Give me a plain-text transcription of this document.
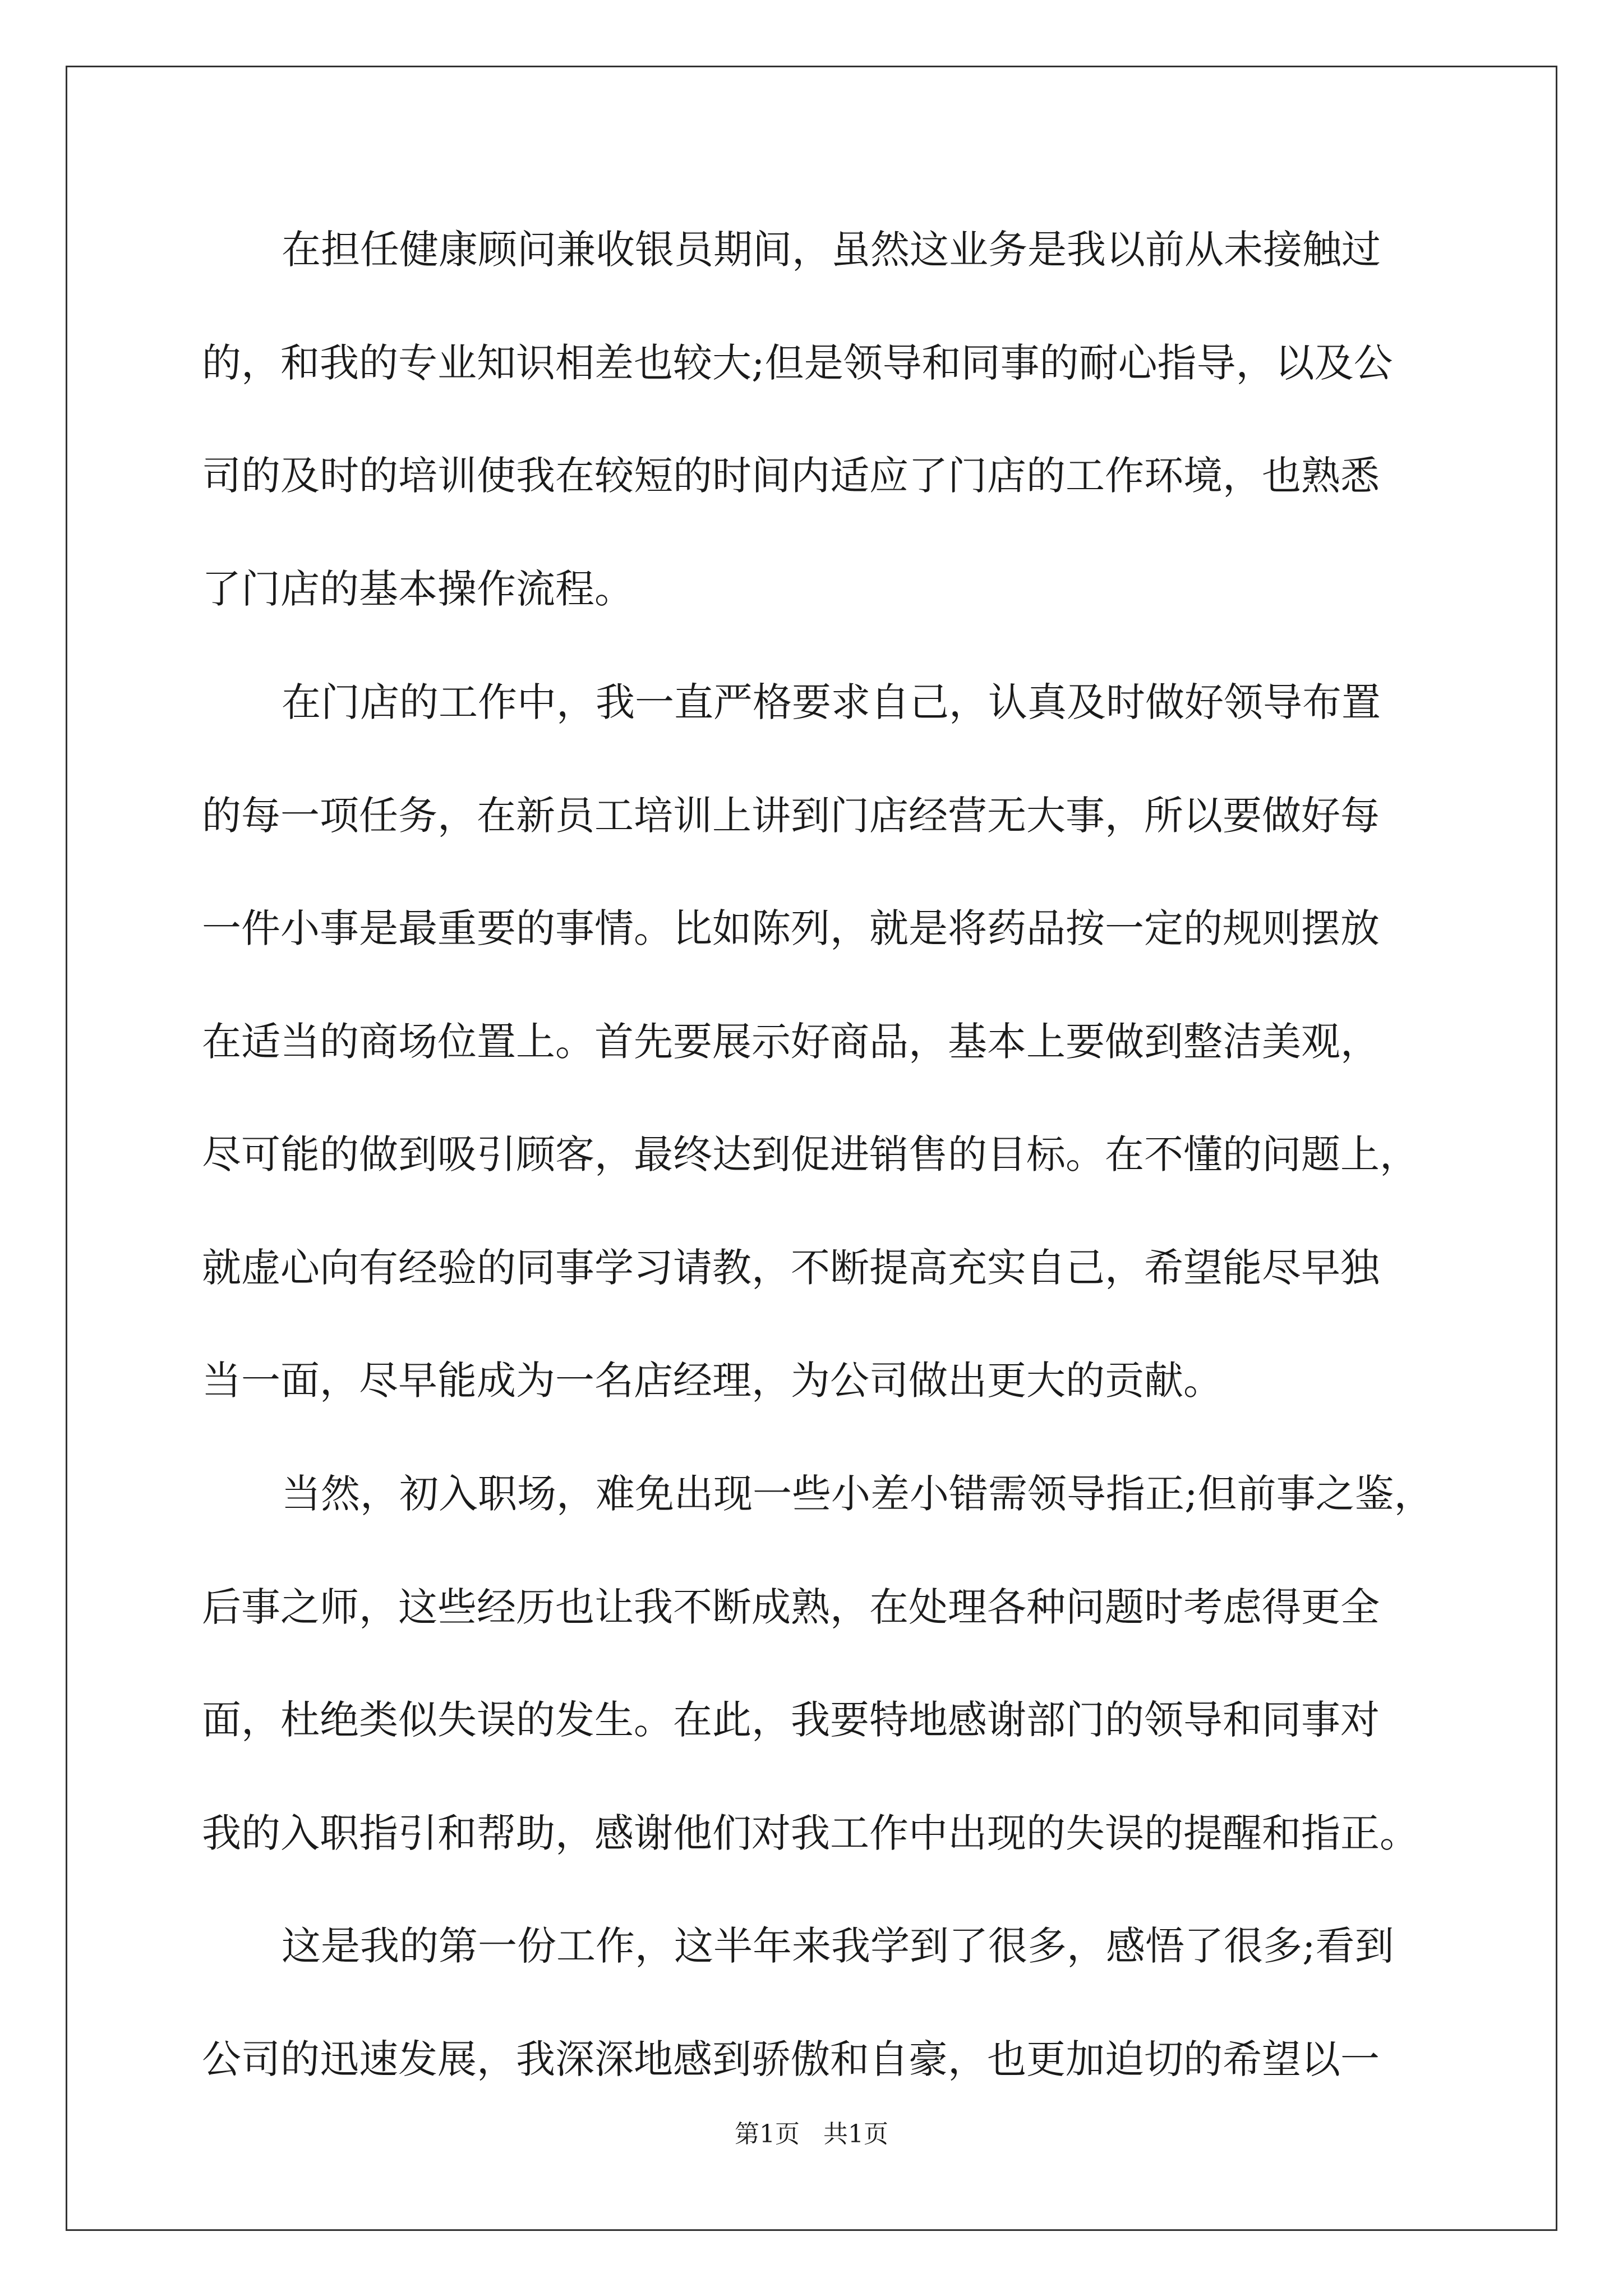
在担任健康顾问兼收银员期间，虽然这业务是我以前从未接触过
的，和我的专业知识相差也较大;但是领导和同事的耐心指导，以及公
司的及时的培训使我在较短的时间内适应了门店的工作环境，也熟悉
了门店的基本操作流程。
在门店的工作中，我一直严格要求自己，认真及时做好领导布置
的每一项任务，在新员工培训上讲到门店经营无大事，所以要做好每
一件小事是最重要的事情。比如陈列，就是将药品按一定的规则摆放
在适当的商场位置上。首先要展示好商品，基本上要做到整洁美观，
尽可能的做到吸引顾客，最终达到促进销售的目标。在不懂的问题上，
就虚心向有经验的同事学习请教，不断提高充实自己，希望能尽早独
当一面，尽早能成为一名店经理，为公司做出更大的贡献。
当然，初入职场，难免出现一些小差小错需领导指正;但前事之鉴，
后事之师，这些经历也让我不断成熟，在处理各种问题时考虑得更全
面，杜绝类似失误的发生。在此，我要特地感谢部门的领导和同事对
我的入职指引和帮助，感谢他们对我工作中出现的失误的提醒和指正。
这是我的第一份工作，这半年来我学到了很多，感悟了很多;看到
公司的迅速发展，我深深地感到骄傲和自豪，也更加迫切的希望以一
第1页   共1页
